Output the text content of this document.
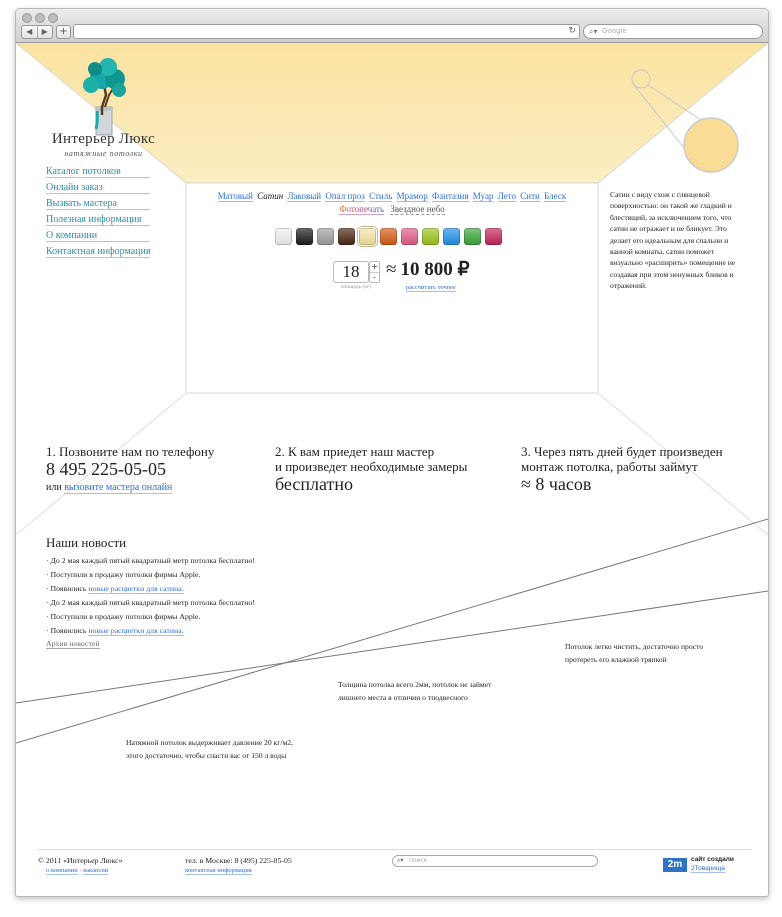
◀	▶	+	↻ ⌕▾ Google
Интерьер Люкс
натяжные потолки
Каталог потолков
Онлайн заказ
Вызвать мастера
Полезная информация
О компании
Контактная информация
Матовый Сатин Лаковый Опал проз Стиль Мрамор Фантазия Муар Лето Сити Блеск
Фотопечать Звездное небо
18	+
-
площадь (м²)
≈ 10 800 ₽
рассчитать точнее
Сатин с виду схож с глянцевой поверхностью: он такой же гладкий и блестящий, за исключением того, что сатин не отражает и не бликует. Это делает его идеальным для спальни и ванной комнаты, сатин поможет визуально «расширить» помещение не создавая при этом ненужных бликов и отражений.
1. Позвоните нам по телефону
8 495 225-05-05
или вызовите мастера онлайн
2. К вам приедет наш мастер
и произведет необходимые замеры
бесплатно
3. Через пять дней будет произведен
монтаж потолка, работы займут
≈ 8 часов
Наши новости
· До 2 мая каждый пятый квадратный метр потолка бесплатно!
· Поступили в продажу потолки фирмы Apple.
· Появились новые расцветки для сатина.
· До 2 мая каждый пятый квадратный метр потолка бесплатно!
· Поступили в продажу потолки фирмы Apple.
· Появились новые расцветки для сатина.
Архив новостей	Потолок легко чистить, достаточно просто протереть его влажной тряпкой
Толщина потолка всего 2мм, потолок не займет лишнего места в отличии о тподвесного
Натяжной потолок выдерживает давление 20 кг/м2, этого достаточно, чтобы спасти вас от 150 л воды
© 2011 «Интерьер Люкс»
о компании · вакансии
тел. в Москве: 8 (495) 225-05-05
контактная информация
⌕▾ поиск	2m	сайт создали
2Товарища
